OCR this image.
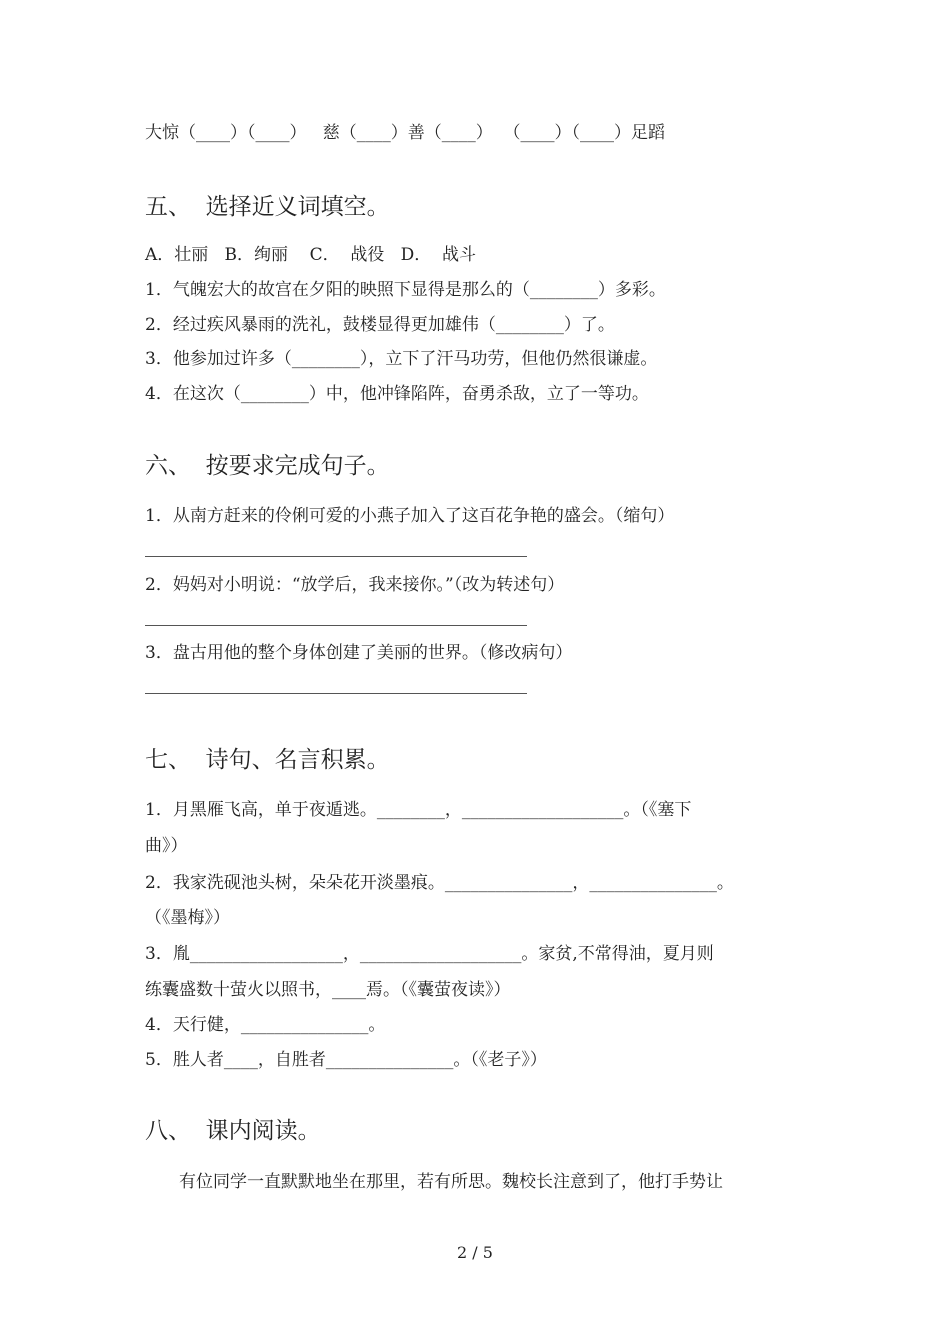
大惊（____）（____）   慈（____）善（____）  （____）（____）足蹈
五、  选择近义词填空。
A．壮丽   B．绚丽    C．  战役   D．  战斗
1．气魄宏大的故宫在夕阳的映照下显得是那么的（________）多彩。
2．经过疾风暴雨的洗礼，鼓楼显得更加雄伟（________）了。
3．他参加过许多（________），立下了汗马功劳，但他仍然很谦虚。
4．在这次（________）中，他冲锋陷阵，奋勇杀敌，立了一等功。
六、  按要求完成句子。
1．从南方赶来的伶俐可爱的小燕子加入了这百花争艳的盛会。（缩句）
2．妈妈对小明说：“放学后，我来接你。”（改为转述句）
3．盘古用他的整个身体创建了美丽的世界。（修改病句）
七、  诗句、名言积累。
1．月黑雁飞高，单于夜遁逃。________，___________________。（《塞下
曲》）
2．我家洗砚池头树，朵朵花开淡墨痕。_______________，_______________。
（《墨梅》）
3．胤__________________，___________________。家贫,不常得油，夏月则
练囊盛数十萤火以照书，____焉。（《囊萤夜读》）
4．天行健，_______________。
5．胜人者____，自胜者_______________。（《老子》）
八、  课内阅读。
有位同学一直默默地坐在那里，若有所思。魏校长注意到了，他打手势让
2 / 5
